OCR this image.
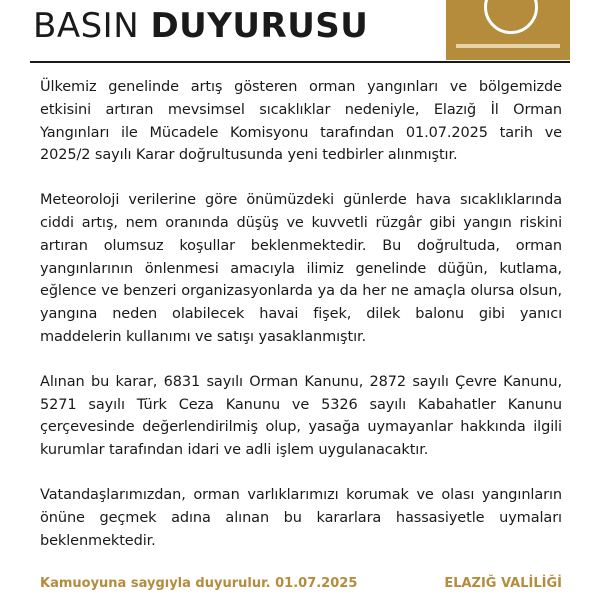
BASIN DUYURUSU

Ülkemiz genelinde artış gösteren orman yangınları ve bölgemizde etkisini artıran mevsimsel sıcaklıklar nedeniyle, Elazığ İl Orman Yangınları ile Mücadele Komisyonu tarafından 01.07.2025 tarih ve 2025/2 sayılı Karar doğrultusunda yeni tedbirler alınmıştır.

Meteoroloji verilerine göre önümüzdeki günlerde hava sıcaklıklarında ciddi artış, nem oranında düşüş ve kuvvetli rüzgâr gibi yangın riskini artıran olumsuz koşullar beklenmektedir. Bu doğrultuda, orman yangınlarının önlenmesi amacıyla ilimiz genelinde düğün, kutlama, eğlence ve benzeri organizasyonlarda ya da her ne amaçla olursa olsun, yangına neden olabilecek havai fişek, dilek balonu gibi yanıcı maddelerin kullanımı ve satışı yasaklanmıştır.

Alınan bu karar, 6831 sayılı Orman Kanunu, 2872 sayılı Çevre Kanunu, 5271 sayılı Türk Ceza Kanunu ve 5326 sayılı Kabahatler Kanunu çerçevesinde değerlendirilmiş olup, yasağa uymayanlar hakkında ilgili kurumlar tarafından idari ve adli işlem uygulanacaktır.

Vatandaşlarımızdan, orman varlıklarımızı korumak ve olası yangınların önüne geçmek adına alınan bu kararlara hassasiyetle uymaları beklenmektedir.

Kamuoyuna saygıyla duyurulur. 01.07.2025	ELAZIĞ VALİLİĞİ
